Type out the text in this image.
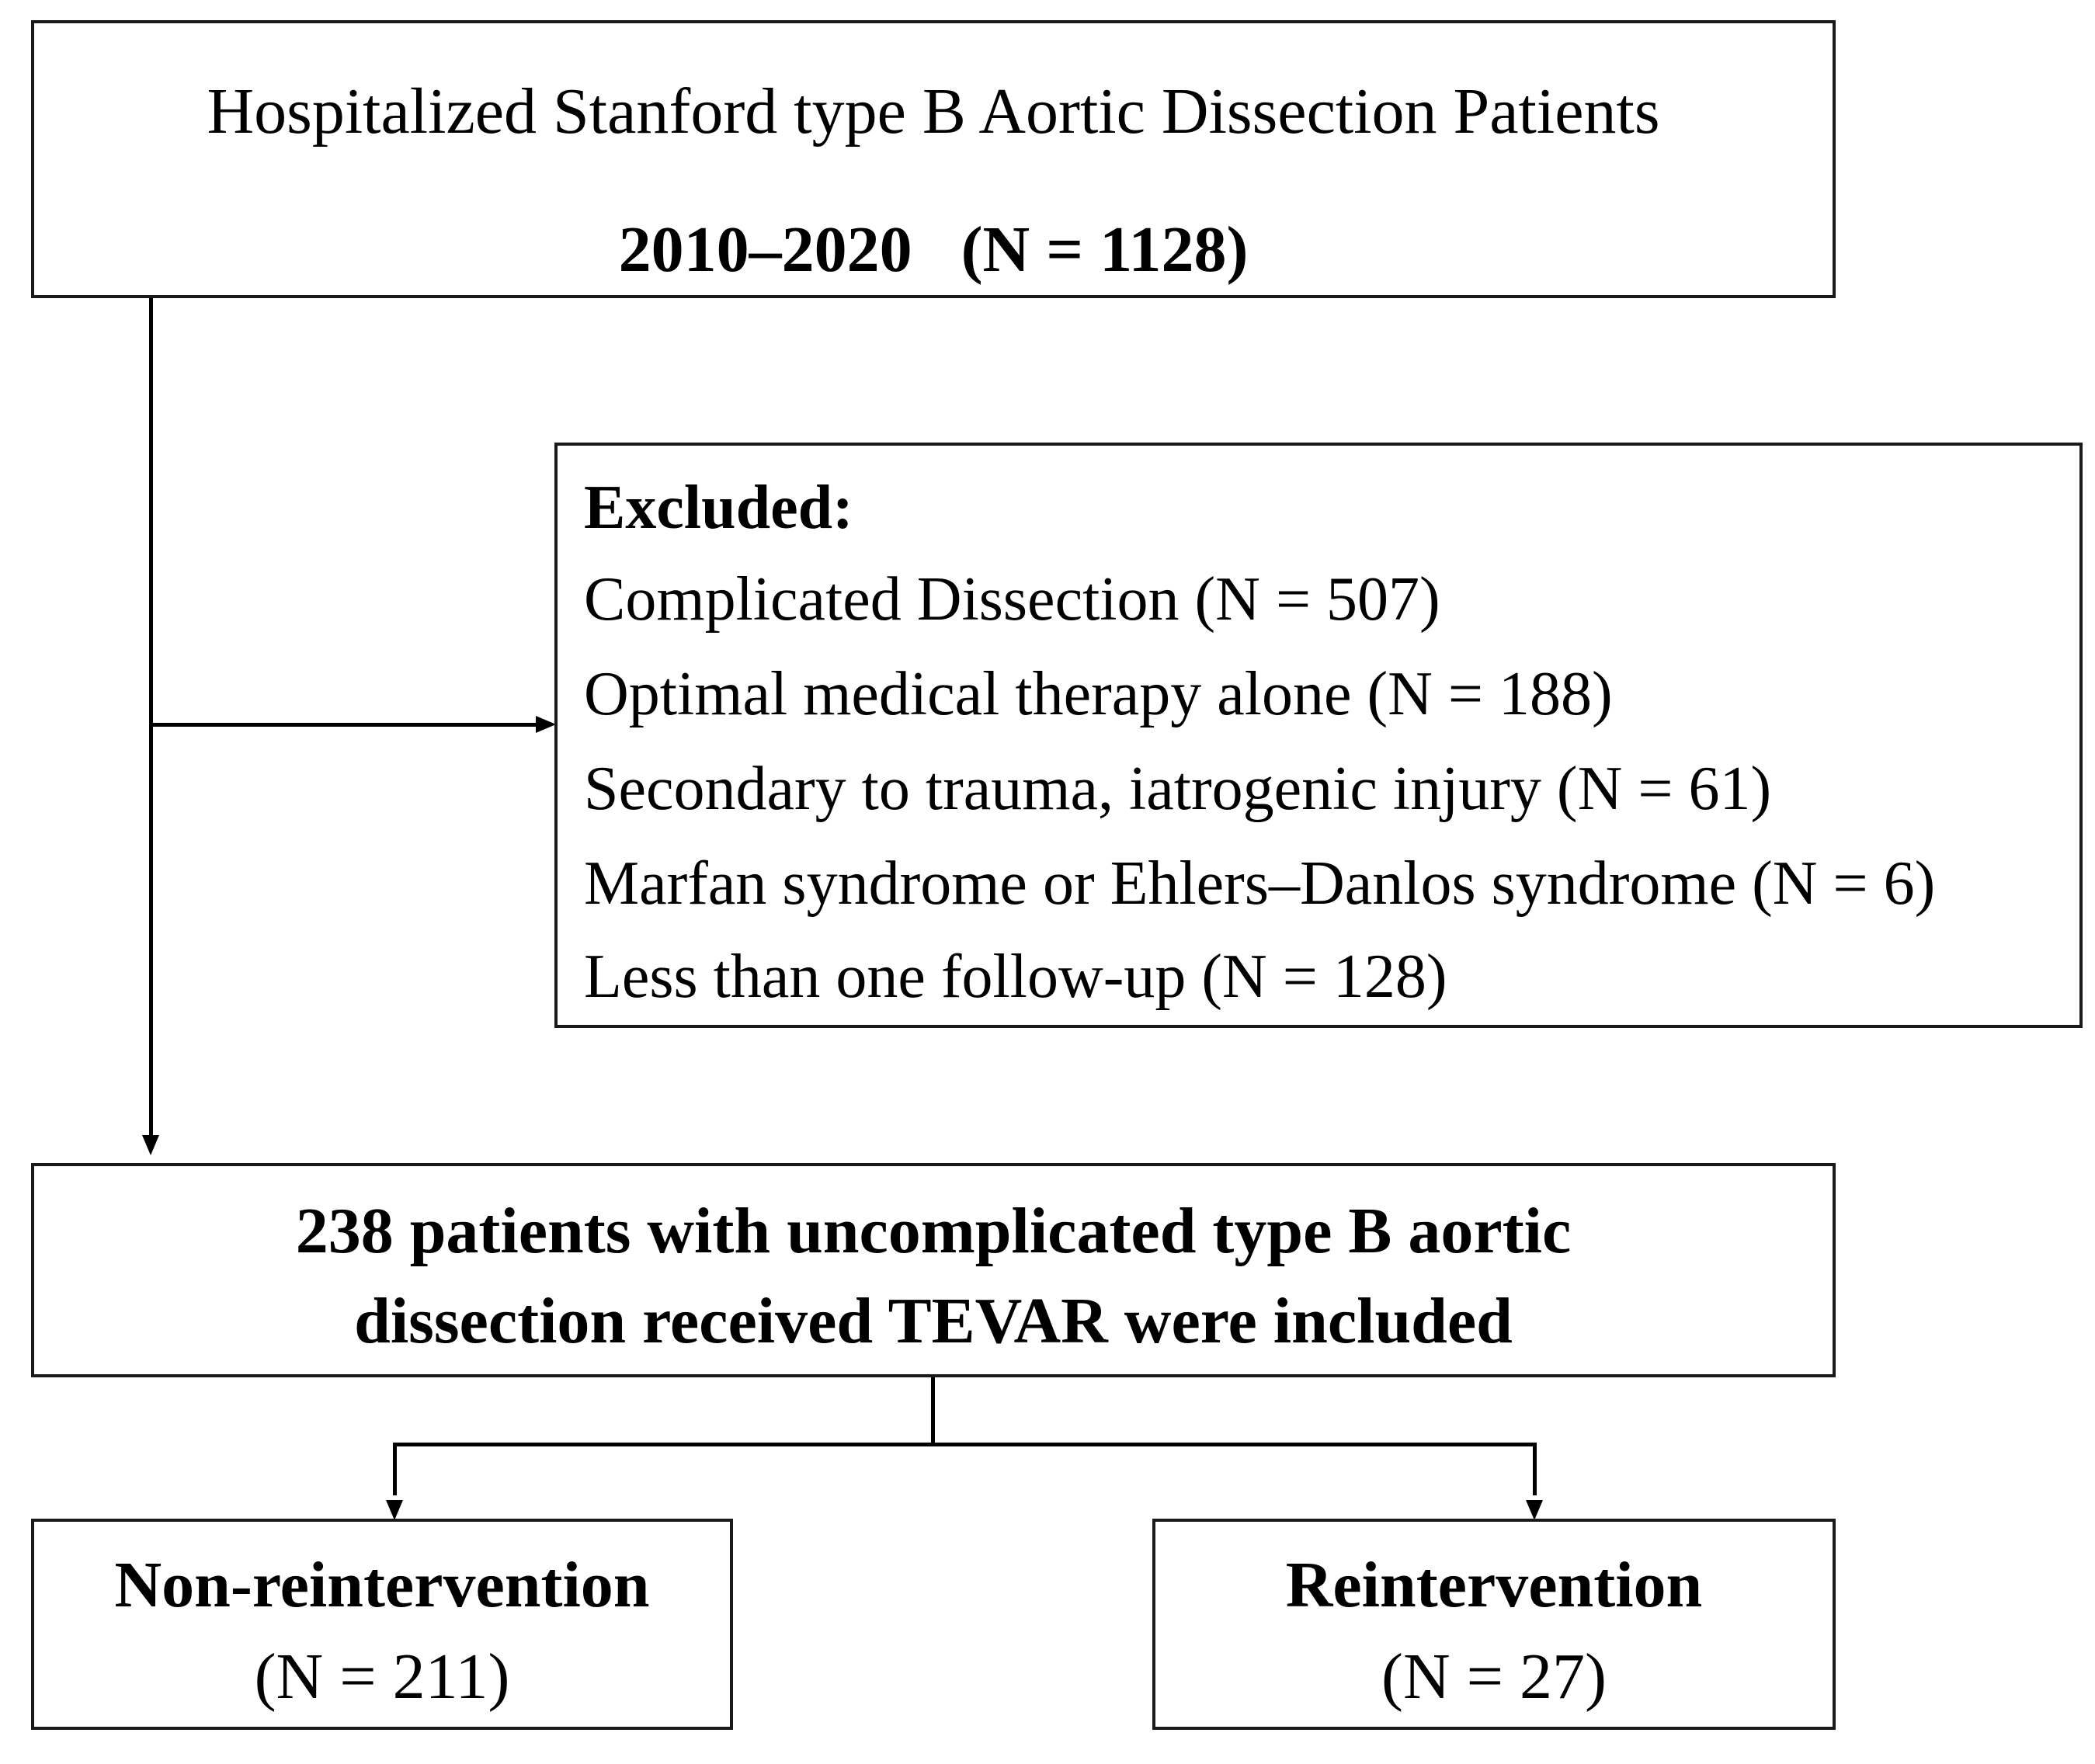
Hospitalized Stanford type B Aortic Dissection Patients
2010–2020   (N = 1128)
Excluded:
Complicated Dissection (N = 507)
Optimal medical therapy alone (N = 188)
Secondary to trauma, iatrogenic injury (N = 61)
Marfan syndrome or Ehlers–Danlos syndrome (N = 6)
Less than one follow-up (N = 128)
238 patients with uncomplicated type B aortic
dissection received TEVAR were included
Non-reintervention
(N = 211)
Reintervention
(N = 27)
